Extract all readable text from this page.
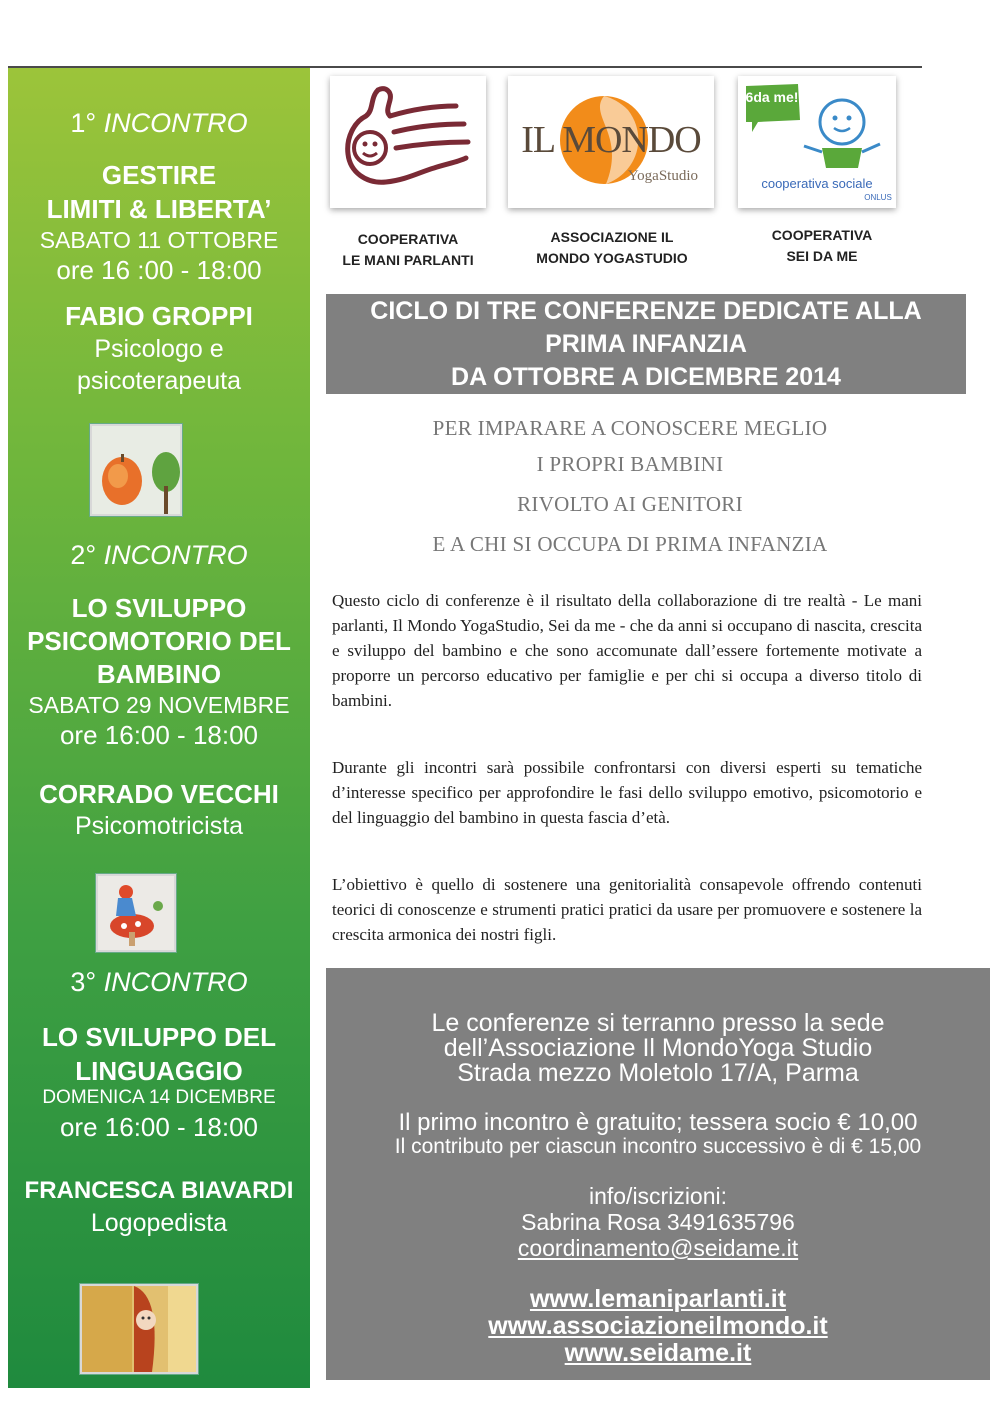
1° INCONTRO
GESTIRE
LIMITI & LIBERTA’
SABATO 11 OTTOBRE
ore 16 :00 - 18:00
FABIO GROPPI
Psicologo e
psicoterapeuta
2° INCONTRO
LO SVILUPPO
PSICOMOTORIO DEL
BAMBINO
SABATO 29 NOVEMBRE
ore 16:00 - 18:00
CORRADO VECCHI
Psicomotricista
3° INCONTRO
LO SVILUPPO DEL
LINGUAGGIO
DOMENICA 14 DICEMBRE
ore 16:00 - 18:00
FRANCESCA BIAVARDI
Logopedista
IL MONDO
YogaStudio
6da me!
cooperativa sociale
ONLUS
COOPERATIVA
LE MANI PARLANTI
ASSOCIAZIONE IL
MONDO YOGASTUDIO
COOPERATIVA
SEI DA ME
CICLO DI TRE CONFERENZE DEDICATE ALLA
PRIMA INFANZIA
DA OTTOBRE A DICEMBRE 2014
PER IMPARARE A CONOSCERE MEGLIO
I PROPRI BAMBINI
RIVOLTO AI GENITORI
E A CHI SI OCCUPA DI PRIMA INFANZIA
Questo ciclo di conferenze è il risultato della collaborazione di tre realtà - Le mani parlanti, Il Mondo YogaStudio, Sei da me - che da anni si occupano di nascita, crescita e sviluppo del bambino e che sono accomunate dall’essere fortemente motivate a proporre un percorso educativo per famiglie e per chi si occupa a diverso titolo di bambini.
Durante gli incontri sarà possibile confrontarsi con diversi esperti su tematiche d’interesse specifico per approfondire le fasi dello sviluppo emotivo, psicomotorio e del linguaggio del bambino in questa fascia d’età.
L’obiettivo è quello di sostenere una genitorialità consapevole offrendo contenuti teorici di conoscenze e strumenti pratici pratici da usare per promuovere e sostenere la crescita armonica dei nostri figli.
Le conferenze si terranno presso la sede
dell’Associazione Il MondoYoga Studio
Strada mezzo Moletolo 17/A, Parma
Il primo incontro è gratuito; tessera socio € 10,00
Il contributo per ciascun incontro successivo è di € 15,00
info/iscrizioni:
Sabrina Rosa 3491635796
coordinamento@seidame.it
www.lemaniparlanti.it
www.associazioneilmondo.it
www.seidame.it
